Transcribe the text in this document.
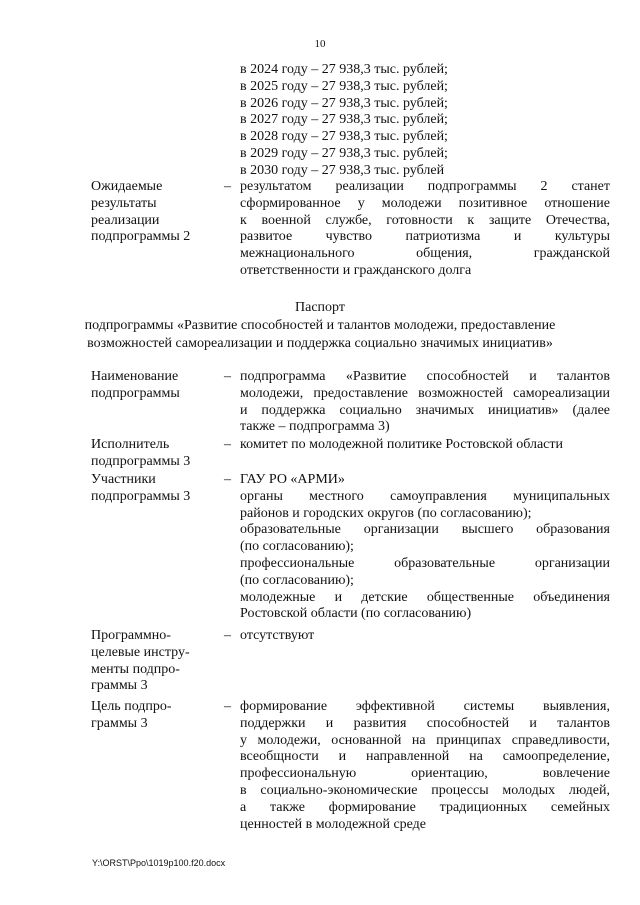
10

в 2024 году – 27 938,3 тыс. рублей;

в 2025 году – 27 938,3 тыс. рублей;

в 2026 году – 27 938,3 тыс. рублей;

в 2027 году – 27 938,3 тыс. рублей;

в 2028 году – 27 938,3 тыс. рублей;

в 2029 году – 27 938,3 тыс. рублей;

в 2030 году – 27 938,3 тыс. рублей

Ожидаемые

результаты

реализации

подпрограммы 2

– результатом реализации подпрограммы 2 станет

сформированное у молодежи позитивное отношение

к военной службе, готовности к защите Отечества,

развитое чувство патриотизма и культуры

межнационального общения, гражданской

ответственности и гражданского долга

Паспорт
подпрограммы «Развитие способностей и талантов молодежи, предоставление
возможностей самореализации и поддержка социально значимых инициатив»

Наименование

подпрограммы

– подпрограмма «Развитие способностей и талантов

молодежи, предоставление возможностей самореализации

и поддержка социально значимых инициатив» (далее

также – подпрограмма 3)

Исполнитель

подпрограммы 3

– комитет по молодежной политике Ростовской области

Участники

подпрограммы 3

– ГАУ РО «АРМИ»

органы местного самоуправления муниципальных

районов и городских округов (по согласованию);

образовательные организации высшего образования

(по согласованию);

профессиональные образовательные организации

(по согласованию);

молодежные и детские общественные объединения

Ростовской области (по согласованию)

Программно-

целевые инстру-

менты подпро-

граммы 3

– отсутствуют

Цель подпро-

граммы 3

– формирование эффективной системы выявления,

поддержки и развития способностей и талантов

у молодежи, основанной на принципах справедливости,

всеобщности и направленной на самоопределение,

профессиональную ориентацию, вовлечение

в социально-экономические процессы молодых людей,

а также формирование традиционных семейных

ценностей в молодежной среде

Y:\ORST\Ppo\1019p100.f20.docx
